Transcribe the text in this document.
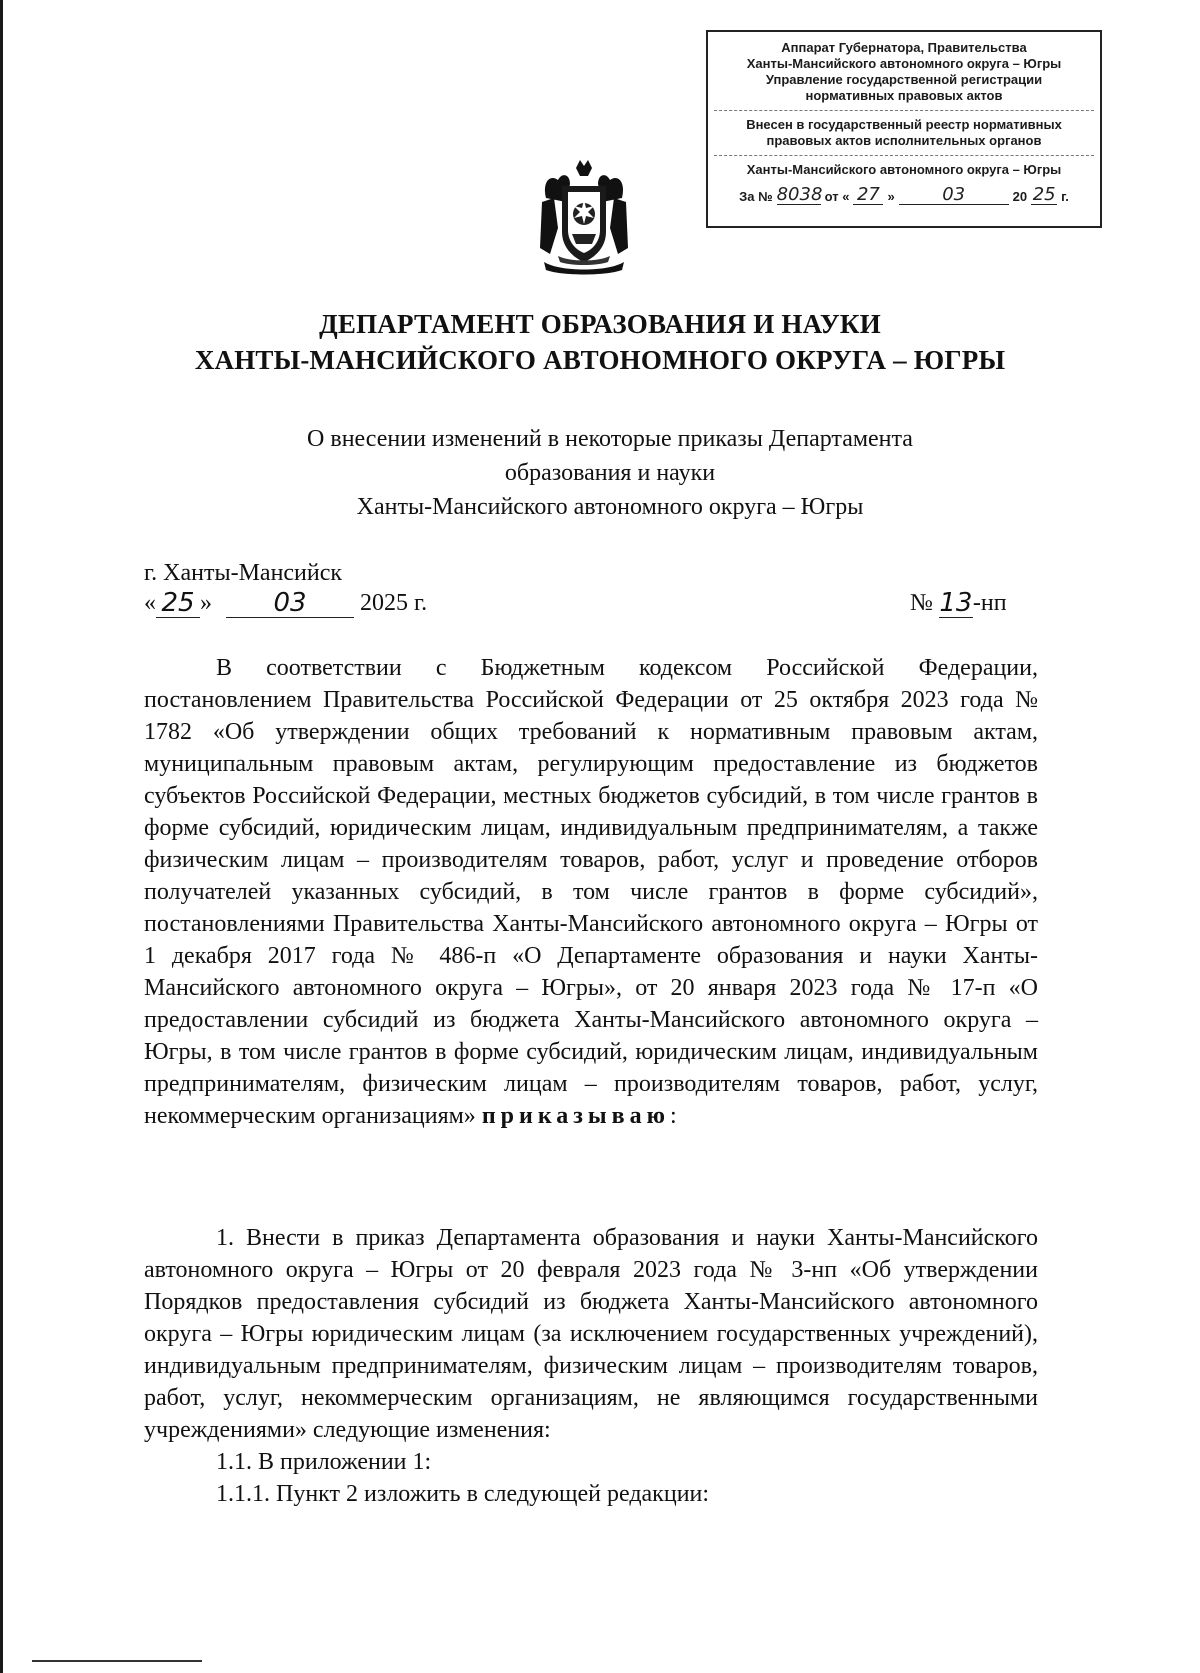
Аппарат Губернатора, Правительства
Ханты-Мансийского автономного округа – Югры
Управление государственной регистрации
нормативных правовых актов
Внесен в государственный реестр нормативных
правовых актов исполнительных органов
Ханты-Мансийского автономного округа – Югры
За № 8038 от « 27 »	03	20 25 г.
ДЕПАРТАМЕНТ ОБРАЗОВАНИЯ И НАУКИ
ХАНТЫ-МАНСИЙСКОГО АВТОНОМНОГО ОКРУГА – ЮГРЫ
О внесении изменений в некоторые приказы Департамента
образования и науки
Ханты-Мансийского автономного округа – Югры
г. Ханты-Мансийск
« 25 »	03	2025 г.	№ 13 -нп
В соответствии с Бюджетным кодексом Российской Федерации, постановлением Правительства Российской Федерации от 25 октября 2023 года № 1782 «Об утверждении общих требований к нормативным правовым актам, муниципальным правовым актам, регулирующим предоставление из бюджетов субъектов Российской Федерации, местных бюджетов субсидий, в том числе грантов в форме субсидий, юридическим лицам, индивидуальным предпринимателям, а также физическим лицам – производителям товаров, работ, услуг и проведение отборов получателей указанных субсидий, в том числе грантов в форме субсидий», постановлениями Правительства Ханты-Мансийского автономного округа – Югры от 1 декабря 2017 года № 486-п «О Департаменте образования и науки Ханты-Мансийского автономного округа – Югры», от 20 января 2023 года № 17-п «О предоставлении субсидий из бюджета Ханты-Мансийского автономного округа – Югры, в том числе грантов в форме субсидий, юридическим лицам, индивидуальным предпринимателям, физическим лицам – производителям товаров, работ, услуг, некоммерческим организациям» приказываю:
1. Внести в приказ Департамента образования и науки Ханты-Мансийского автономного округа – Югры от 20 февраля 2023 года № 3-нп «Об утверждении Порядков предоставления субсидий из бюджета Ханты-Мансийского автономного округа – Югры юридическим лицам (за исключением государственных учреждений), индивидуальным предпринимателям, физическим лицам – производителям товаров, работ, услуг, некоммерческим организациям, не являющимся государственными учреждениями» следующие изменения:
1.1. В приложении 1:
1.1.1. Пункт 2 изложить в следующей редакции:
